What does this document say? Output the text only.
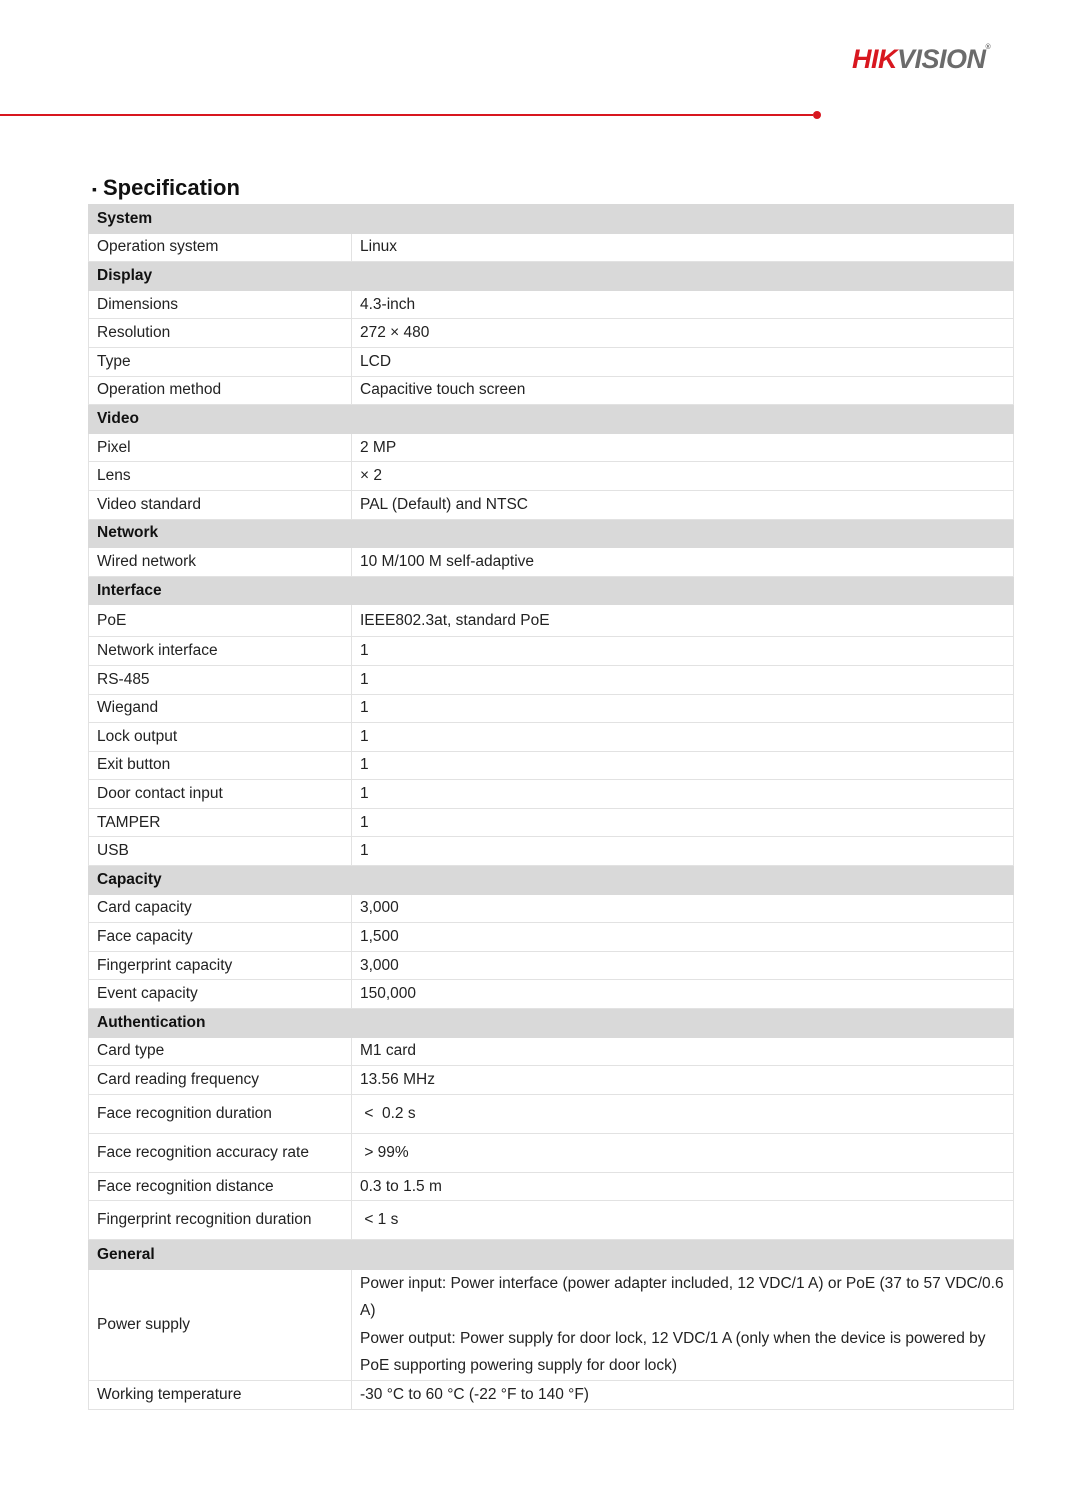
HIKVISION®
▪ Specification
System	
Operation system	Linux
Display	
Dimensions	4.3-inch
Resolution	272 × 480
Type	LCD
Operation method	Capacitive touch screen
Video	
Pixel	2 MP
Lens	× 2
Video standard	PAL (Default) and NTSC
Network	
Wired network	10 M/100 M self-adaptive
Interface	
PoE	IEEE802.3at, standard PoE
Network interface	1
RS-485	1
Wiegand	1
Lock output	1
Exit button	1
Door contact input	1
TAMPER	1
USB	1
Capacity	
Card capacity	3,000
Face capacity	1,500
Fingerprint capacity	3,000
Event capacity	150,000
Authentication	
Card type	M1 card
Card reading frequency	13.56 MHz
Face recognition duration	<  0.2 s
Face recognition accuracy rate	> 99%
Face recognition distance	0.3 to 1.5 m
Fingerprint recognition duration	< 1 s
General	
Power supply	Power input: Power interface (power adapter included, 12 VDC/1 A) or PoE (37 to 57 VDC/0.6 A)
Power output: Power supply for door lock, 12 VDC/1 A (only when the device is powered by PoE supporting powering supply for door lock)
Working temperature	-30 °C to 60 °C (-22 °F to 140 °F)
